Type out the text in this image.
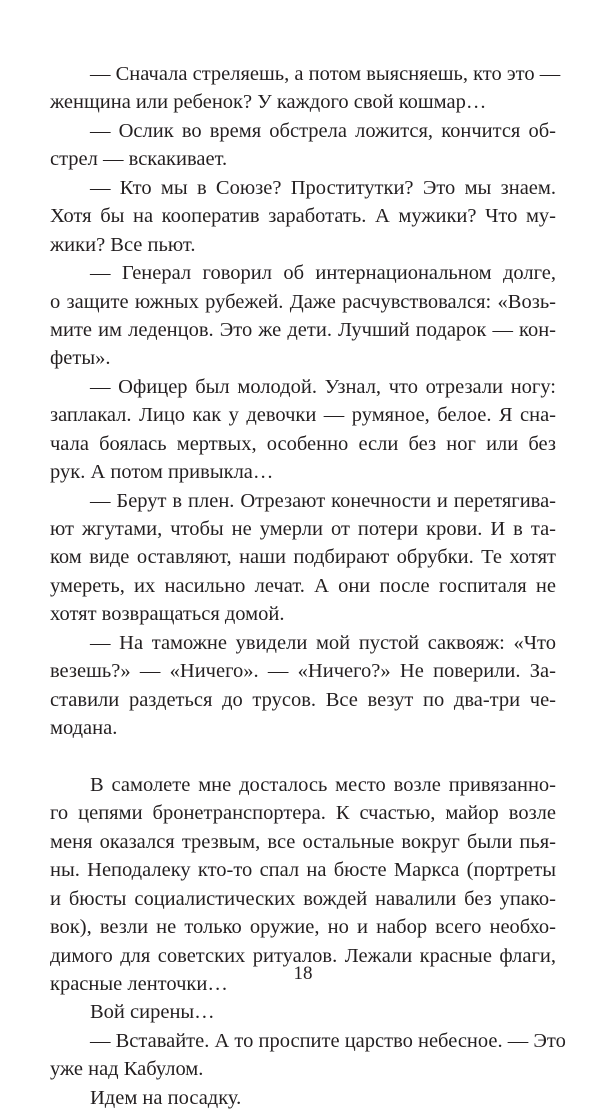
— Сначала стреляешь, а потом выясняешь, кто это —
женщина или ребенок? У каждого свой кошмар…
— Ослик во время обстрела ложится, кончится об-
стрел — вскакивает.
— Кто мы в Союзе? Проститутки? Это мы знаем.
Хотя бы на кооператив заработать. А мужики? Что му-
жики? Все пьют.
— Генерал говорил об интернациональном долге,
о защите южных рубежей. Даже расчувствовался: «Возь-
мите им леденцов. Это же дети. Лучший подарок — кон-
феты».
— Офицер был молодой. Узнал, что отрезали ногу:
заплакал. Лицо как у девочки — румяное, белое. Я сна-
чала боялась мертвых, особенно если без ног или без
рук. А потом привыкла…
— Берут в плен. Отрезают конечности и перетягива-
ют жгутами, чтобы не умерли от потери крови. И в та-
ком виде оставляют, наши подбирают обрубки. Те хотят
умереть, их насильно лечат. А они после госпиталя не
хотят возвращаться домой.
— На таможне увидели мой пустой саквояж: «Что
везешь?» — «Ничего». — «Ничего?» Не поверили. За-
ставили раздеться до трусов. Все везут по два-три че-
модана.
В самолете мне досталось место возле привязанно-
го цепями бронетранспортера. К счастью, майор возле
меня оказался трезвым, все остальные вокруг были пья-
ны. Неподалеку кто-то спал на бюсте Маркса (портреты
и бюсты социалистических вождей навалили без упако-
вок), везли не только оружие, но и набор всего необхо-
димого для советских ритуалов. Лежали красные флаги,
красные ленточки…
Вой сирены…
— Вставайте. А то проспите царство небесное. — Это
уже над Кабулом.
Идем на посадку.
18
